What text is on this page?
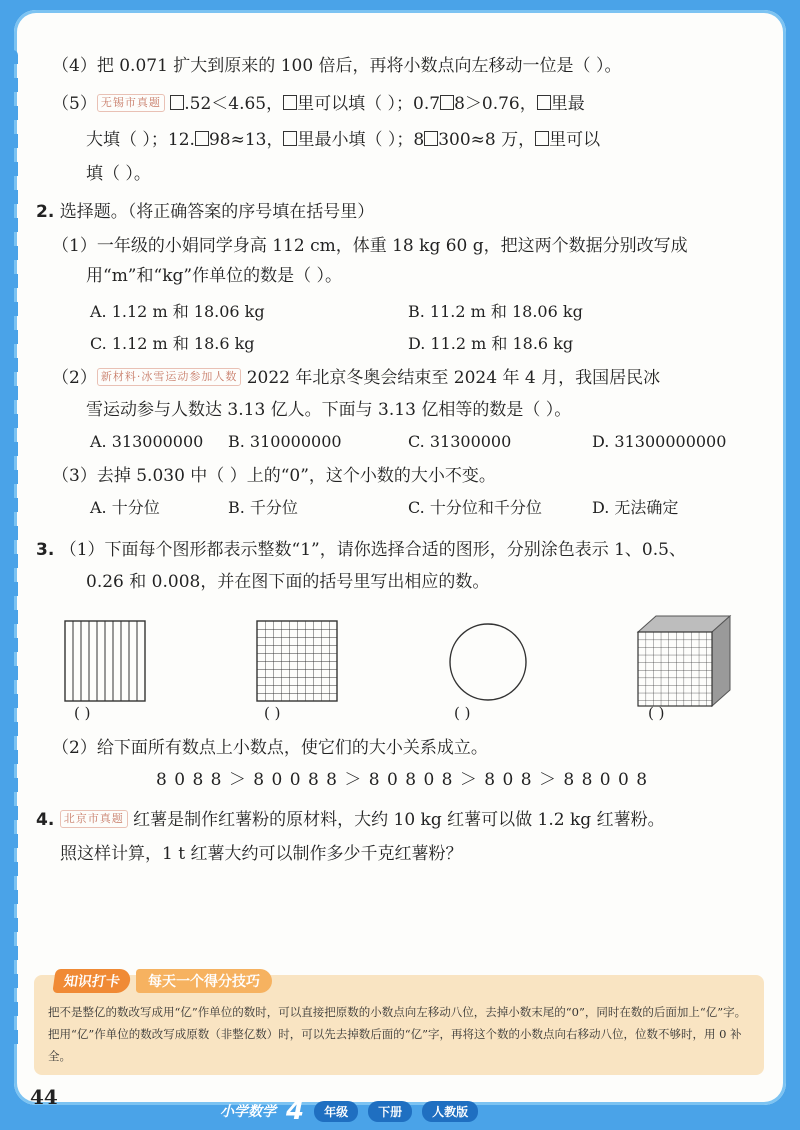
（4）把 0.071 扩大到原来的 100 倍后，再将小数点向左移动一位是（ ）。
（5） 无锡市真题 .52＜4.65， 里可以填（ ）；0.7 8＞0.76， 里最
大填（ ）；12. 98≈13， 里最小填（ ）；8 300≈8 万， 里可以
填（ ）。
2. 选择题。（将正确答案的序号填在括号里）
（1）一年级的小娟同学身高 112 cm，体重 18 kg 60 g，把这两个数据分别改写成
用“m”和“kg”作单位的数是（ ）。
A. 1.12 m 和 18.06 kg	B. 11.2 m 和 18.06 kg
C. 1.12 m 和 18.6 kg	D. 11.2 m 和 18.6 kg
（2） 新材料·冰雪运动参加人数 2022 年北京冬奥会结束至 2024 年 4 月，我国居民冰
雪运动参与人数达 3.13 亿人。下面与 3.13 亿相等的数是（ ）。
A. 313000000 B. 310000000	C. 31300000	D. 31300000000
（3）去掉 5.030 中（ ）上的“0”，这个小数的大小不变。
A. 十分位	B. 千分位	C. 十分位和千分位	D. 无法确定
3. （1）下面每个图形都表示整数“1”，请你选择合适的图形，分别涂色表示 1、0.5、
0.26 和 0.008，并在图下面的括号里写出相应的数。
( )	( )	( )	( )
（2）给下面所有数点上小数点，使它们的大小关系成立。
8 0 8 8 ＞ 8 0 0 8 8 ＞ 8 0 8 0 8 ＞ 8 0 8 ＞ 8 8 0 0 8
4. 北京市真题 红薯是制作红薯粉的原材料，大约 10 kg 红薯可以做 1.2 kg 红薯粉。
照这样计算，1 t 红薯大约可以制作多少千克红薯粉？
知识打卡	每天一个得分技巧
把不是整亿的数改写成用“亿”作单位的数时，可以直接把原数的小数点向左移动八位，去掉小数末尾的“0”，同时在数的后面加上“亿”字。把用“亿”作单位的数改写成原数（非整亿数）时，可以先去掉数后面的“亿”字，再将这个数的小数点向右移动八位，位数不够时，用 0 补全。
44
小学数学 4	年级	下册	人教版
